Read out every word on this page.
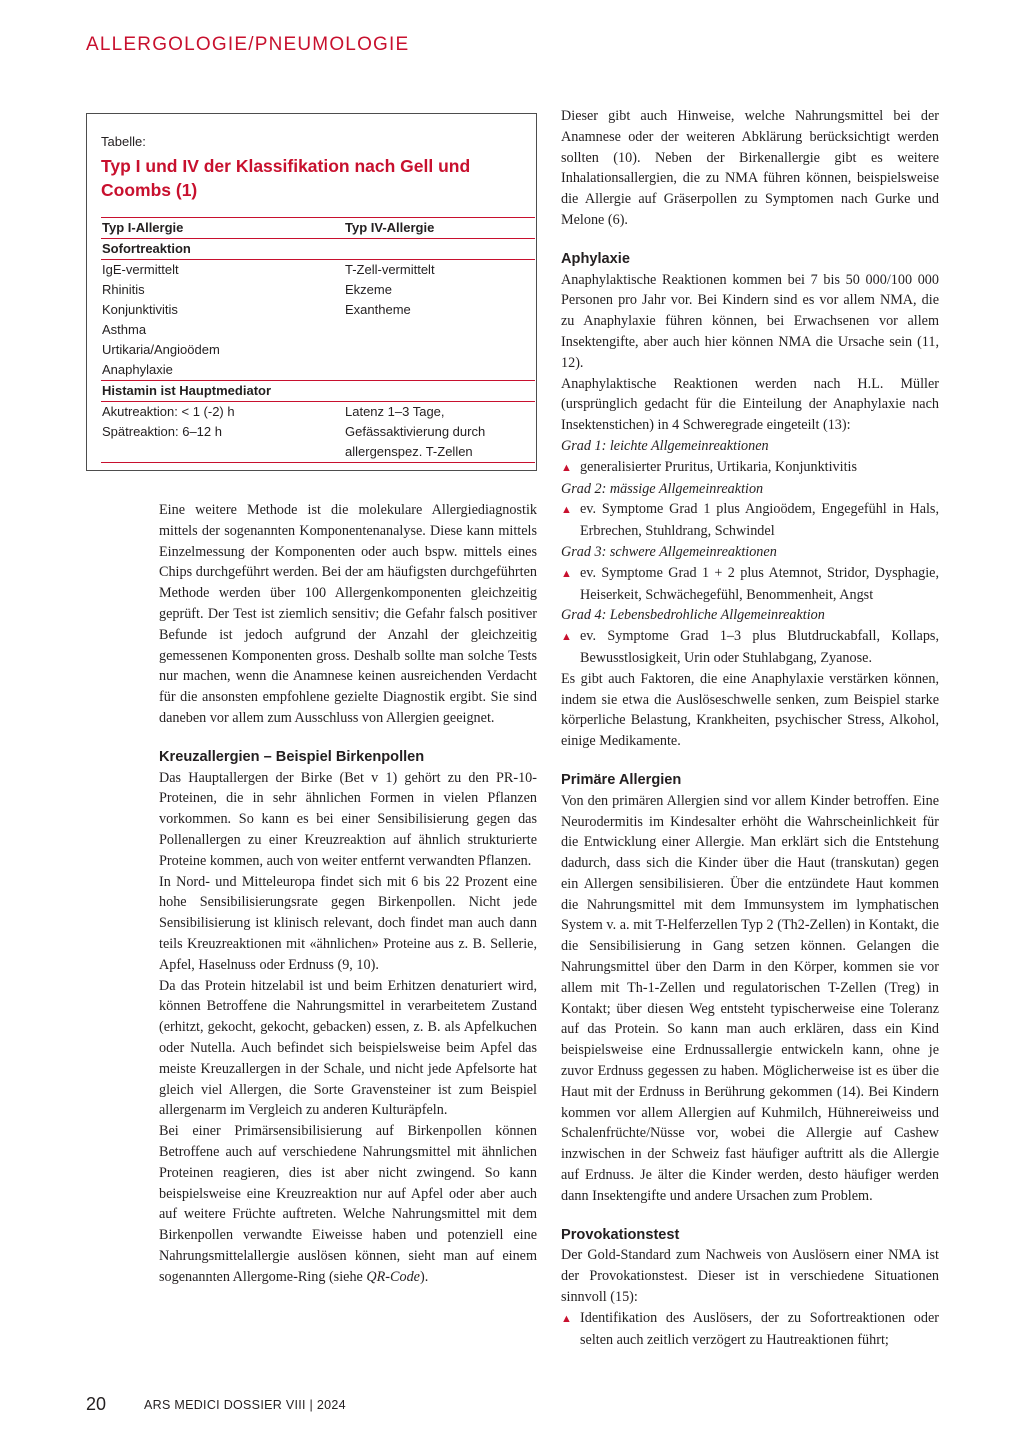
ALLERGOLOGIE/PNEUMOLOGIE
Tabelle:
Typ I und IV der Klassifikation nach Gell und Coombs (1)
Typ I-Allergie	Typ IV-Allergie
Sofortreaktion	
IgE-vermittelt	T-Zell-vermittelt
Rhinitis	Ekzeme
Konjunktivitis	Exantheme
Asthma	
Urtikaria/Angioödem	
Anaphylaxie	
Histamin ist Hauptmediator	
Akutreaktion: < 1 (-2) h	Latenz 1–3 Tage,
Spätreaktion: 6–12 h	Gefässaktivierung durch
	allergenspez. T-Zellen

Eine weitere Methode ist die molekulare Allergiediagnostik mittels der sogenannten Komponentenanalyse. Diese kann mittels Einzelmessung der Komponenten oder auch bspw. mittels eines Chips durchgeführt werden. Bei der am häufigsten durchgeführten Methode werden über 100 Allergenkomponenten gleichzeitig geprüft. Der Test ist ziemlich sensitiv; die Gefahr falsch positiver Befunde ist jedoch aufgrund der Anzahl der gleichzeitig gemessenen Komponenten gross. Deshalb sollte man solche Tests nur machen, wenn die Anamnese keinen ausreichenden Verdacht für die ansonsten empfohlene gezielte Diagnostik ergibt. Sie sind daneben vor allem zum Ausschluss von Allergien geeignet.

Kreuzallergien – Beispiel Birkenpollen

Das Hauptallergen der Birke (Bet v 1) gehört zu den PR-10-Proteinen, die in sehr ähnlichen Formen in vielen Pflanzen vorkommen. So kann es bei einer Sensibilisierung gegen das Pollenallergen zu einer Kreuzreaktion auf ähnlich strukturierte Proteine kommen, auch von weiter entfernt verwandten Pflanzen.

In Nord- und Mitteleuropa findet sich mit 6 bis 22 Prozent eine hohe Sensibilisierungsrate gegen Birkenpollen. Nicht jede Sensibilisierung ist klinisch relevant, doch findet man auch dann teils Kreuzreaktionen mit «ähnlichen» Proteine aus z. B. Sellerie, Apfel, Haselnuss oder Erdnuss (9, 10).

Da das Protein hitzelabil ist und beim Erhitzen denaturiert wird, können Betroffene die Nahrungsmittel in verarbeitetem Zustand (erhitzt, gekocht, gekocht, gebacken) essen, z. B. als Apfelkuchen oder Nutella. Auch befindet sich beispielsweise beim Apfel das meiste Kreuzallergen in der Schale, und nicht jede Apfelsorte hat gleich viel Allergen, die Sorte Gravensteiner ist zum Beispiel allergenarm im Vergleich zu anderen Kulturäpfeln.

Bei einer Primärsensibilisierung auf Birkenpollen können Betroffene auch auf verschiedene Nahrungsmittel mit ähnlichen Proteinen reagieren, dies ist aber nicht zwingend. So kann beispielsweise eine Kreuzreaktion nur auf Apfel oder aber auch auf weitere Früchte auftreten. Welche Nahrungsmittel mit dem Birkenpollen verwandte Eiweisse haben und potenziell eine Nahrungsmittelallergie auslösen können, sieht man auf einem sogenannten Allergome-Ring (siehe QR-Code).

Dieser gibt auch Hinweise, welche Nahrungsmittel bei der Anamnese oder der weiteren Abklärung berücksichtigt werden sollten (10). Neben der Birkenallergie gibt es weitere Inhalationsallergien, die zu NMA führen können, beispielsweise die Allergie auf Gräserpollen zu Symptomen nach Gurke und Melone (6).

Aphylaxie

Anaphylaktische Reaktionen kommen bei 7 bis 50 000/100 000 Personen pro Jahr vor. Bei Kindern sind es vor allem NMA, die zu Anaphylaxie führen können, bei Erwachsenen vor allem Insektengifte, aber auch hier können NMA die Ursache sein (11, 12).

Anaphylaktische Reaktionen werden nach H.L. Müller (ursprünglich gedacht für die Einteilung der Anaphylaxie nach Insektenstichen) in 4 Schweregrade eingeteilt (13):

Grad 1: leichte Allgemeinreaktionen

▲ generalisierter Pruritus, Urtikaria, Konjunktivitis

Grad 2: mässige Allgemeinreaktion

▲ ev. Symptome Grad 1 plus Angioödem, Engegefühl in Hals, Erbrechen, Stuhldrang, Schwindel

Grad 3: schwere Allgemeinreaktionen

▲ ev. Symptome Grad 1 + 2 plus Atemnot, Stridor, Dysphagie, Heiserkeit, Schwächegefühl, Benommenheit, Angst

Grad 4: Lebensbedrohliche Allgemeinreaktion

▲ ev. Symptome Grad 1–3 plus Blutdruckabfall, Kollaps, Bewusstlosigkeit, Urin oder Stuhlabgang, Zyanose.

Es gibt auch Faktoren, die eine Anaphylaxie verstärken können, indem sie etwa die Auslöseschwelle senken, zum Beispiel starke körperliche Belastung, Krankheiten, psychischer Stress, Alkohol, einige Medikamente.

Primäre Allergien

Von den primären Allergien sind vor allem Kinder betroffen. Eine Neurodermitis im Kindesalter erhöht die Wahrscheinlichkeit für die Entwicklung einer Allergie. Man erklärt sich die Entstehung dadurch, dass sich die Kinder über die Haut (transkutan) gegen ein Allergen sensibilisieren. Über die entzündete Haut kommen die Nahrungsmittel mit dem Immunsystem im lymphatischen System v. a. mit T-Helferzellen Typ 2 (Th2-Zellen) in Kontakt, die die Sensibilisierung in Gang setzen können. Gelangen die Nahrungsmittel über den Darm in den Körper, kommen sie vor allem mit Th-1-Zellen und regulatorischen T-Zellen (Treg) in Kontakt; über diesen Weg entsteht typischerweise eine Toleranz auf das Protein. So kann man auch erklären, dass ein Kind beispielsweise eine Erdnussallergie entwickeln kann, ohne je zuvor Erdnuss gegessen zu haben. Möglicherweise ist es über die Haut mit der Erdnuss in Berührung gekommen (14). Bei Kindern kommen vor allem Allergien auf Kuhmilch, Hühnereiweiss und Schalenfrüchte/Nüsse vor, wobei die Allergie auf Cashew inzwischen in der Schweiz fast häufiger auftritt als die Allergie auf Erdnuss. Je älter die Kinder werden, desto häufiger werden dann Insektengifte und andere Ursachen zum Problem.

Provokationstest

Der Gold-Standard zum Nachweis von Auslösern einer NMA ist der Provokationstest. Dieser ist in verschiedene Situationen sinnvoll (15):

▲ Identifikation des Auslösers, der zu Sofortreaktionen oder selten auch zeitlich verzögert zu Hautreaktionen führt;

20	ARS MEDICI DOSSIER VIII | 2024
